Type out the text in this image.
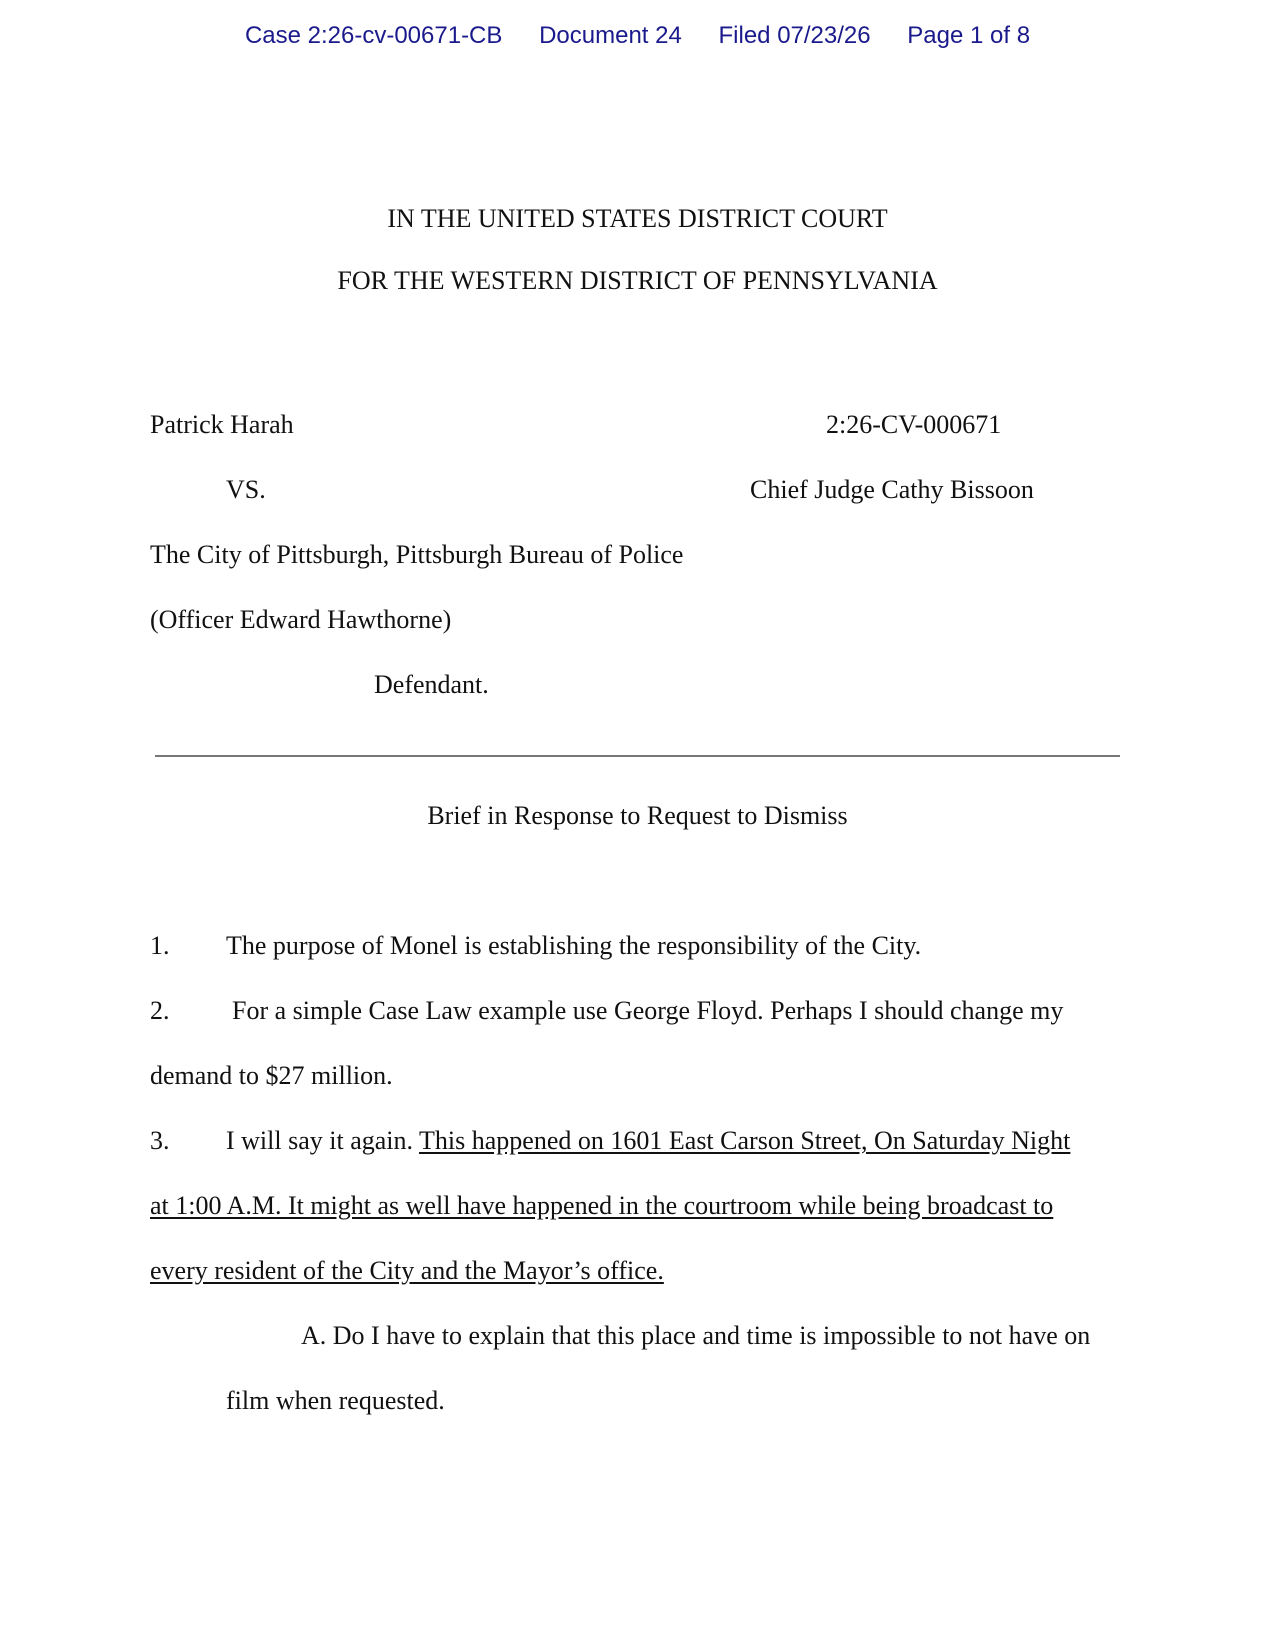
Case 2:26-cv-00671-CB Document 24 Filed 07/23/26 Page 1 of 8
IN THE UNITED STATES DISTRICT COURT
FOR THE WESTERN DISTRICT OF PENNSYLVANIA
Patrick Harah	2:26-CV-000671
VS.	Chief Judge Cathy Bissoon
The City of Pittsburgh, Pittsburgh Bureau of Police
(Officer Edward Hawthorne)
Defendant.
Brief in Response to Request to Dismiss
1. The purpose of Monel is establishing the responsibility of the City.
2. For a simple Case Law example use George Floyd. Perhaps I should change my
demand to $27 million.
3. I will say it again. This happened on 1601 East Carson Street, On Saturday Night
at 1:00 A.M. It might as well have happened in the courtroom while being broadcast to
every resident of the City and the Mayor’s office.
A. Do I have to explain that this place and time is impossible to not have on
film when requested.
